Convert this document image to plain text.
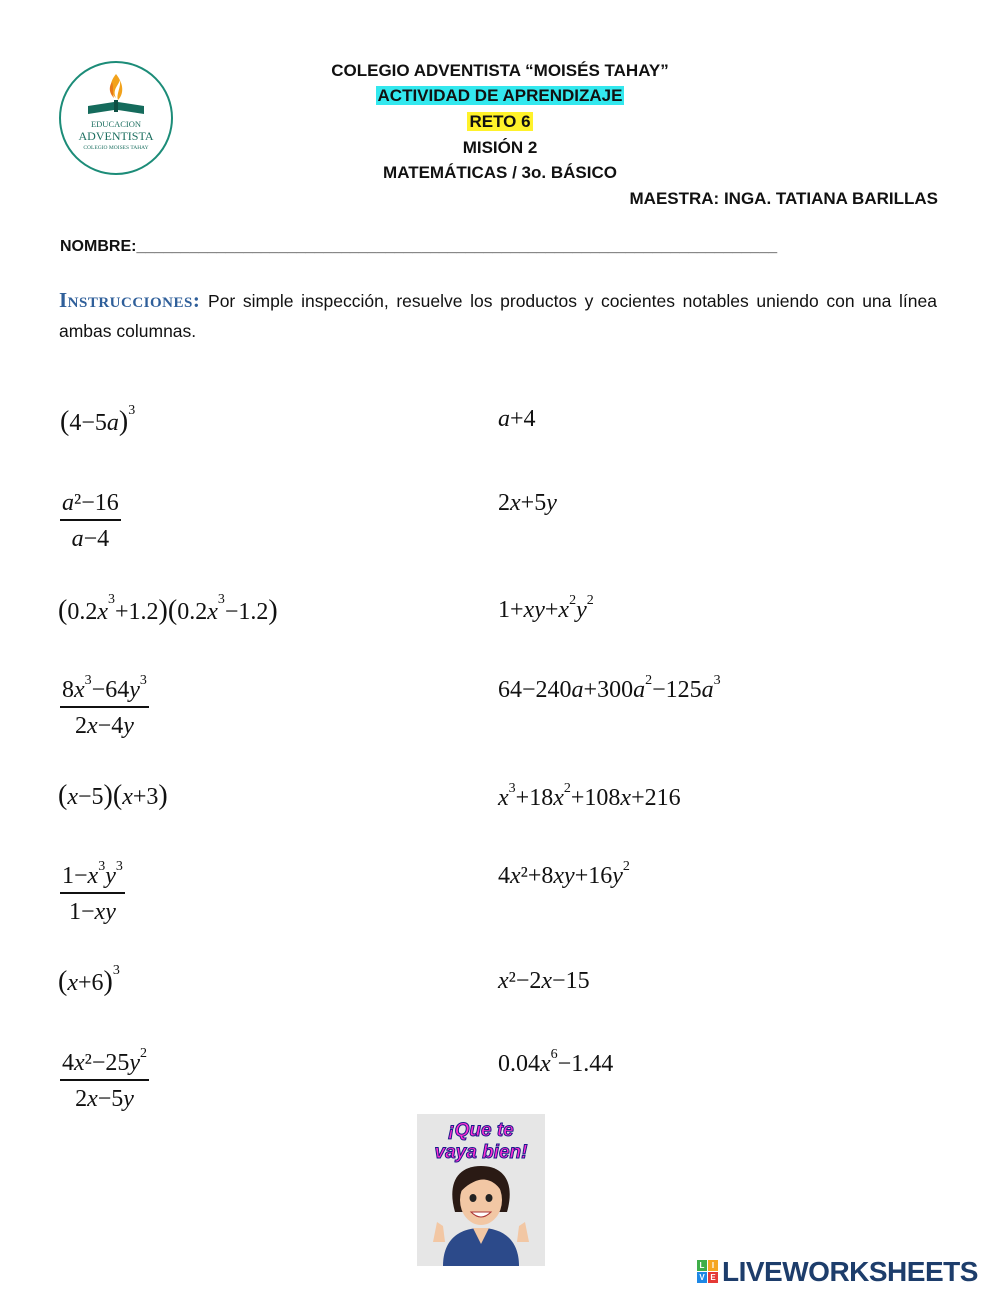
EDUCACION
ADVENTISTA
COLEGIO MOISES TAHAY
COLEGIO ADVENTISTA “MOISÉS TAHAY”
ACTIVIDAD DE APRENDIZAJE
RETO 6
MISIÓN 2
MATEMÁTICAS / 3o. BÁSICO
MAESTRA: INGA. TATIANA BARILLAS
NOMBRE:________________________________________________________________________
Instrucciones: Por simple inspección, resuelve los productos y cocientes notables uniendo con una línea ambas columnas.
$(4-5a)^3$
$\frac{\text{a²−16}}{a-4}$
$(0.2x^3+1.2)(0.2x^3-1.2)$
$\frac{8x^3-64y^3}{2x-4y}$
(x−5)(x+3)
$\frac{1-x^3y^3}{1-xy}$
$(x+6)^3$
$\frac{4x^2-25y^2}{2x-5y}$
a+4
2x+5y
$1+xy+x^2y^2$
$64-240a+300a^2-125a^3$
$x^3+18x^2+108x+216$
$4x^2+8xy+16y^2$
x²−2x−15
$0.04x^6-1.44$
¡Que te
vaya bien!
L I
V E LIVEWORKSHEETS
